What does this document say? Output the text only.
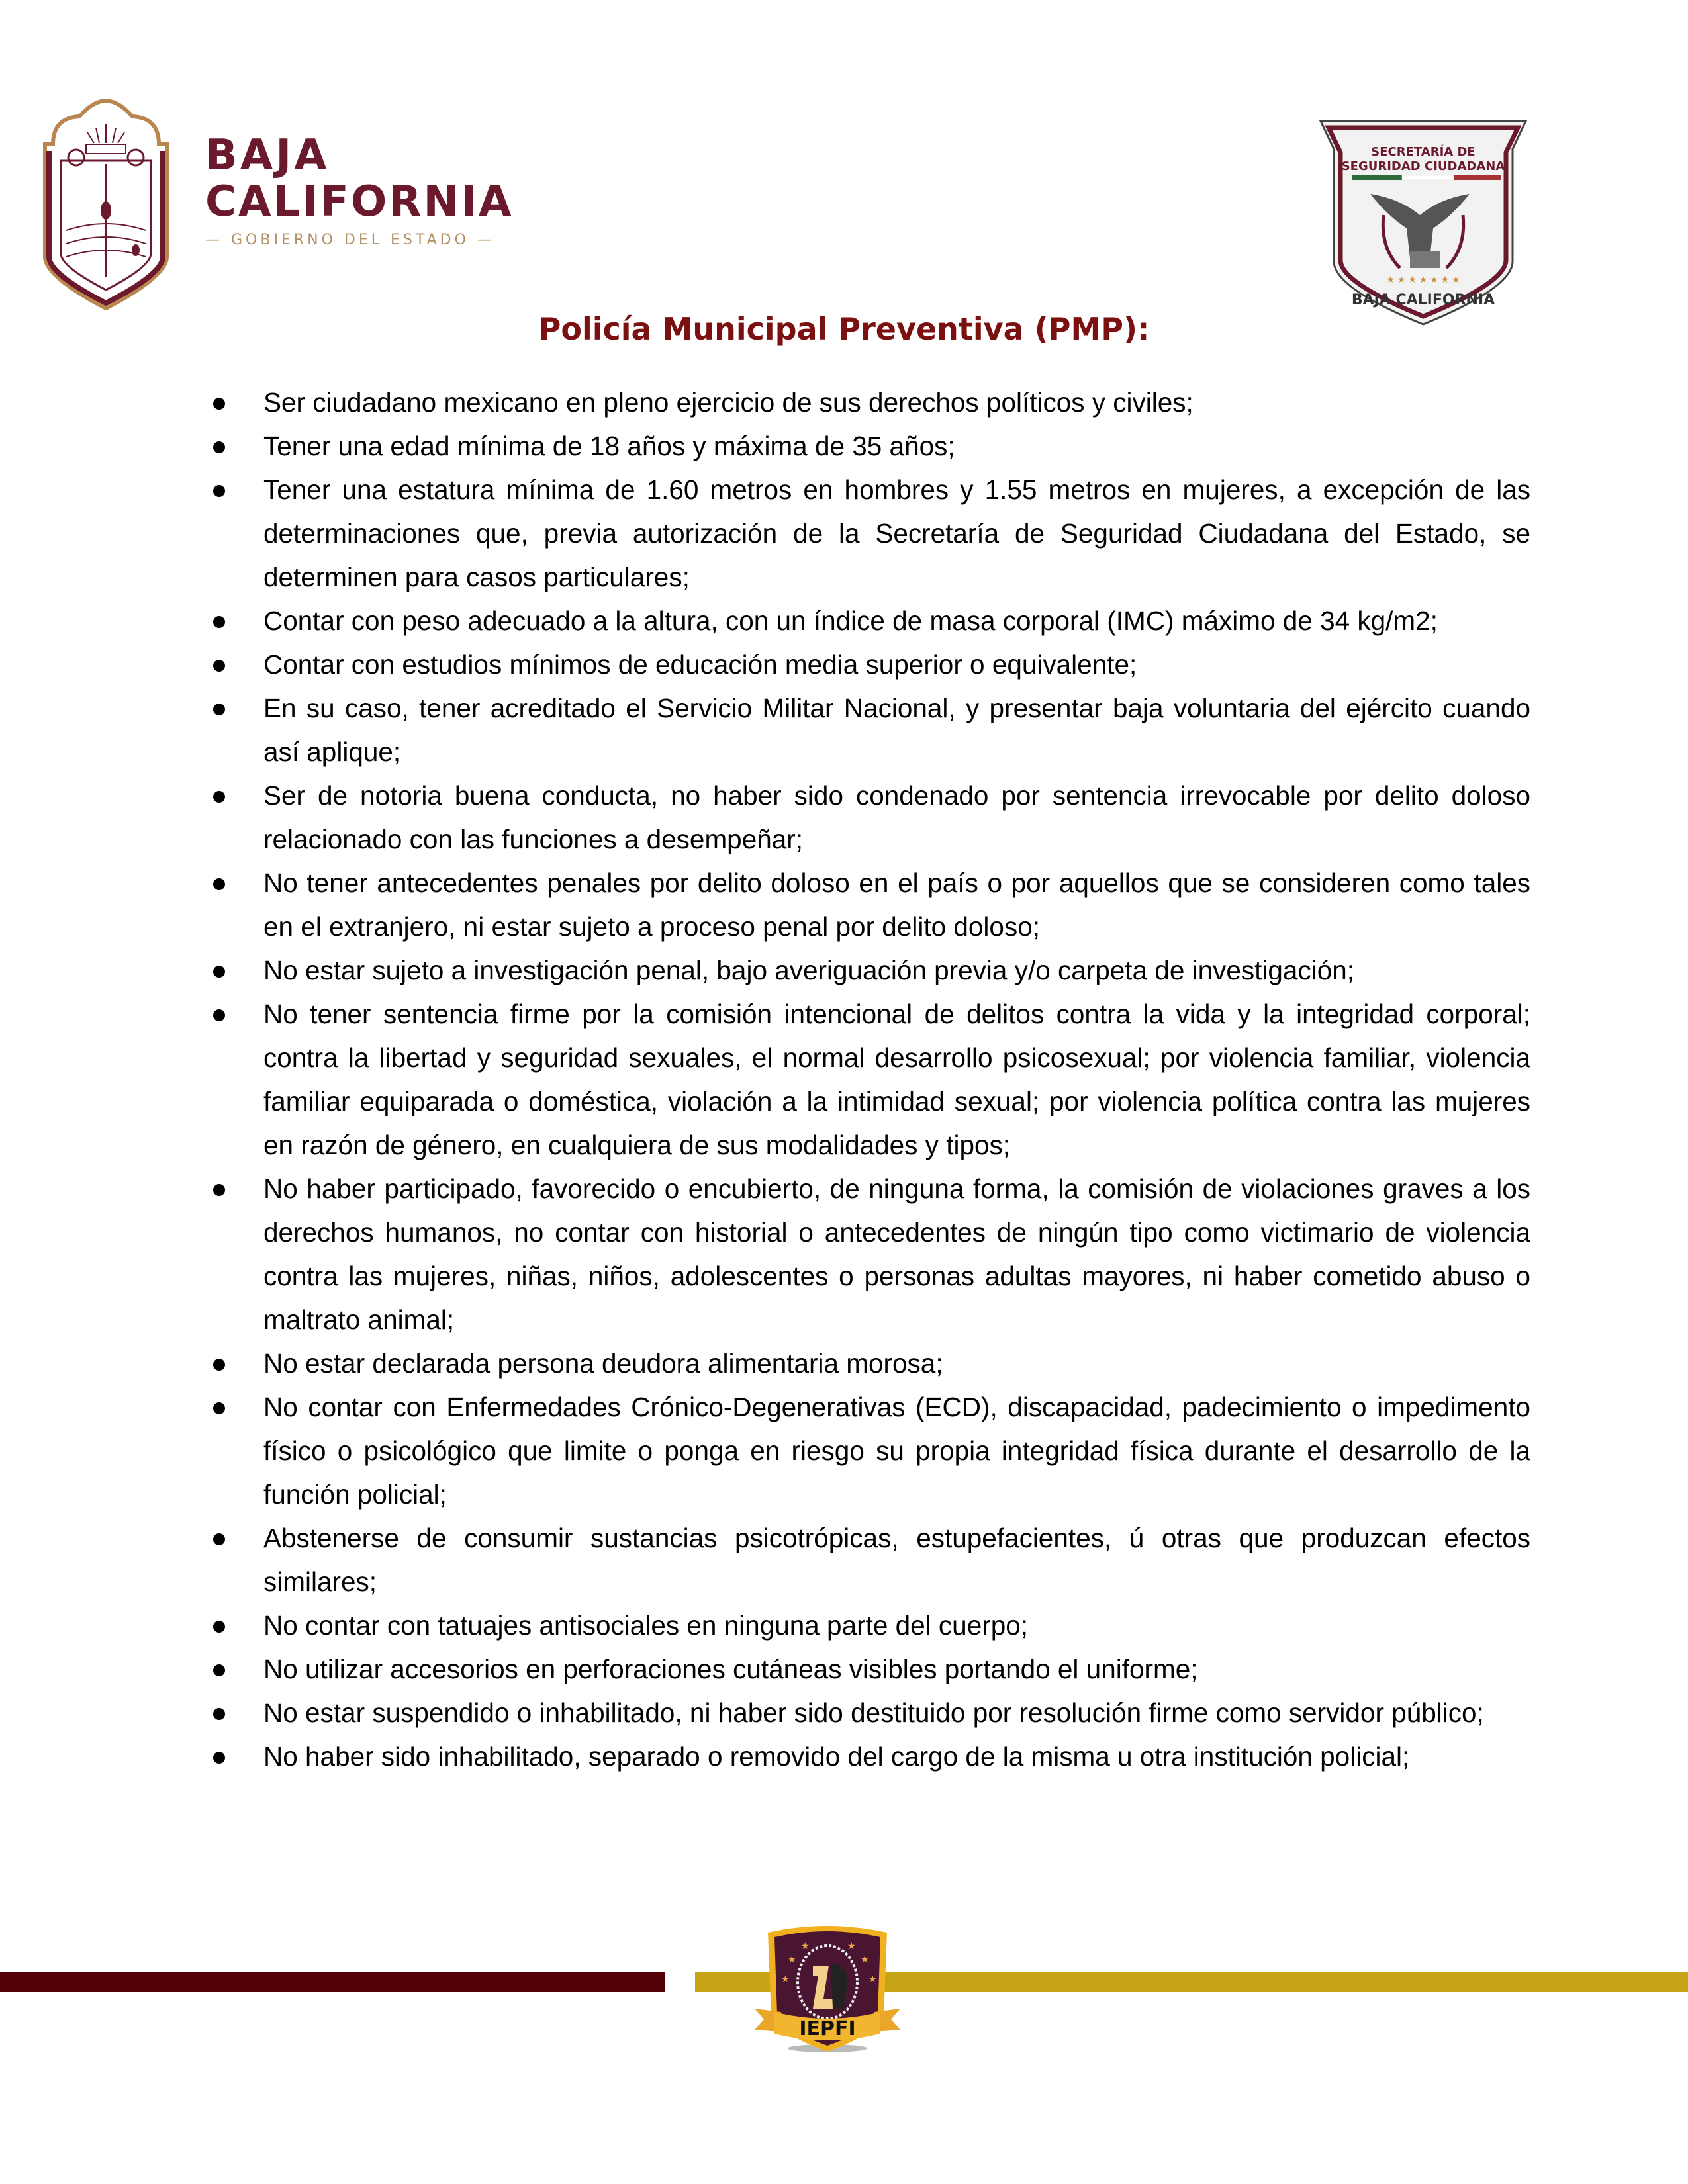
BAJA
CALIFORNIA
— GOBIERNO DEL ESTADO —
SECRETARÍA DE
SEGURIDAD CIUDADANA
★ ★ ★ ★ ★ ★ ★
BAJA CALIFORNIA
Policía Municipal Preventiva (PMP):
Ser ciudadano mexicano en pleno ejercicio de sus derechos políticos y civiles;
Tener una edad mínima de 18 años y máxima de 35 años;
Tener una estatura mínima de 1.60 metros en hombres y 1.55 metros en mujeres, a excepción de las determinaciones que, previa autorización de la Secretaría de Seguridad Ciudadana del Estado, se determinen para casos particulares;
Contar con peso adecuado a la altura, con un índice de masa corporal (IMC) máximo de 34 kg/m2;
Contar con estudios mínimos de educación media superior o equivalente;
En su caso, tener acreditado el Servicio Militar Nacional, y presentar baja voluntaria del ejército cuando así aplique;
Ser de notoria buena conducta, no haber sido condenado por sentencia irrevocable por delito doloso relacionado con las funciones a desempeñar;
No tener antecedentes penales por delito doloso en el país o por aquellos que se consideren como tales en el extranjero, ni estar sujeto a proceso penal por delito doloso;
No estar sujeto a investigación penal, bajo averiguación previa y/o carpeta de investigación;
No tener sentencia firme por la comisión intencional de delitos contra la vida y la integridad corporal; contra la libertad y seguridad sexuales, el normal desarrollo psicosexual; por violencia familiar, violencia familiar equiparada o doméstica, violación a la intimidad sexual; por violencia política contra las mujeres en razón de género, en cualquiera de sus modalidades y tipos;
No haber participado, favorecido o encubierto, de ninguna forma, la comisión de violaciones graves a los derechos humanos, no contar con historial o antecedentes de ningún tipo como victimario de violencia contra las mujeres, niñas, niños, adolescentes o personas adultas mayores, ni haber cometido abuso o maltrato animal;
No estar declarada persona deudora alimentaria morosa;
No contar con Enfermedades Crónico-Degenerativas (ECD), discapacidad, padecimiento o impedimento físico o psicológico que limite o ponga en riesgo su propia integridad física durante el desarrollo de la función policial;
Abstenerse de consumir sustancias psicotrópicas, estupefacientes, ú otras que produzcan efectos similares;
No contar con tatuajes antisociales en ninguna parte del cuerpo;
No utilizar accesorios en perforaciones cutáneas visibles portando el uniforme;
No estar suspendido o inhabilitado, ni haber sido destituido por resolución firme como servidor público;
No haber sido inhabilitado, separado o removido del cargo de la misma u otra institución policial;
★	★
★	★
★	★
IEPFI
